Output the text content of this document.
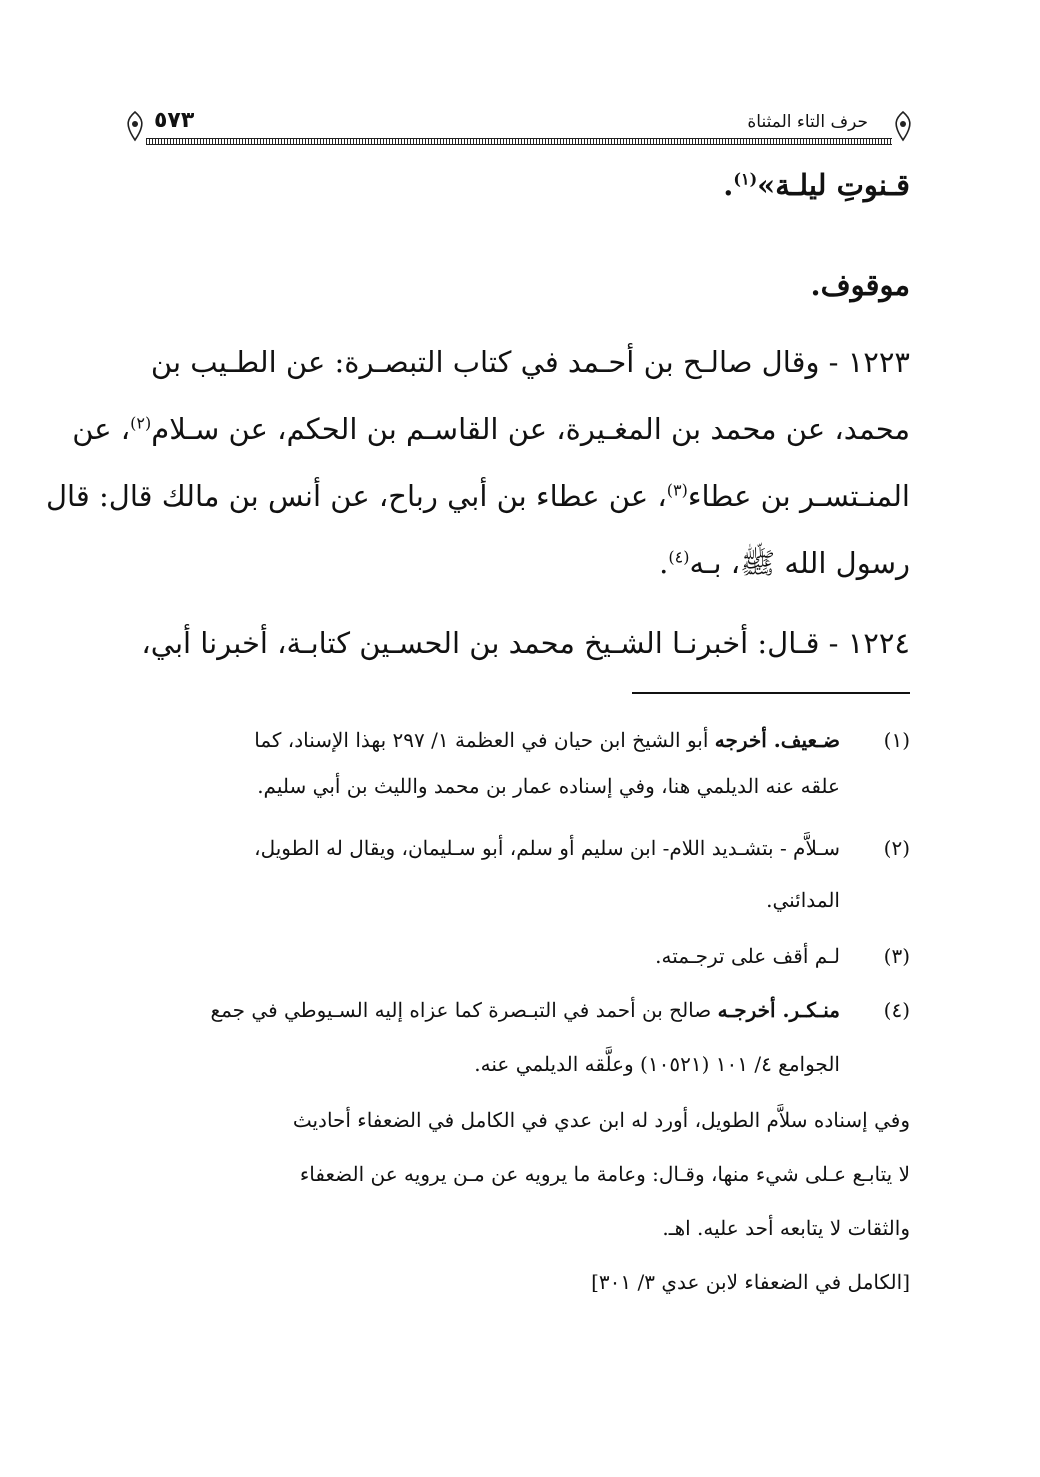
حرف التاء المثناة
٥٧٣
قـنوتِ ليلـة»$^{(١)}$.
موقوف.
١٢٢٣ - وقال صالـح بن أحـمد في كتاب التبصـرة: عن الطـيب بن
محمد، عن محمد بن المغـيرة، عن القاسـم بن الحكم، عن سـلام$^{(٢)}$، عن
المنـتسـر بن عطاء$^{(٣)}$، عن عطاء بن أبي رباح، عن أنس بن مالك قال: قال
رسول الله ﷺ، بـه$^{(٤)}$.
١٢٢٤ - قـال: أخبرنـا الشـيخ محمد بن الحسـين كتابـة، أخبرنا أبي،
(١)
ضـعيف. أخرجه أبو الشيخ ابن حيان في العظمة ١/ ٢٩٧ بهذا الإسناد، كما
علقه عنه الديلمي هنا، وفي إسناده عمار بن محمد والليث بن أبي سليم.
(٢)
سـلاَّم - بتشـديد اللام- ابن سليم أو سلم، أبو سـليمان، ويقال له الطويل،
المدائني.
(٣)
لـم أقف على ترجـمته.
(٤)
منـكـر. أخرجـه صالح بن أحمد في التبـصرة كما عزاه إليه السـيوطي في جمع
الجوامع ٤/ ١٠١ (١٠٥٢١) وعلَّقه الديلمي عنه.
وفي إسناده سلاَّم الطويل، أورد له ابن عدي في الكامل في الضعفاء أحاديث
لا يتابـع عـلى شيء منها، وقـال: وعامة ما يرويه عن مـن يرويه عن الضعفاء
والثقات لا يتابعه أحد عليه. اهـ.
[الكامل في الضعفاء لابن عدي ٣/ ٣٠١]
